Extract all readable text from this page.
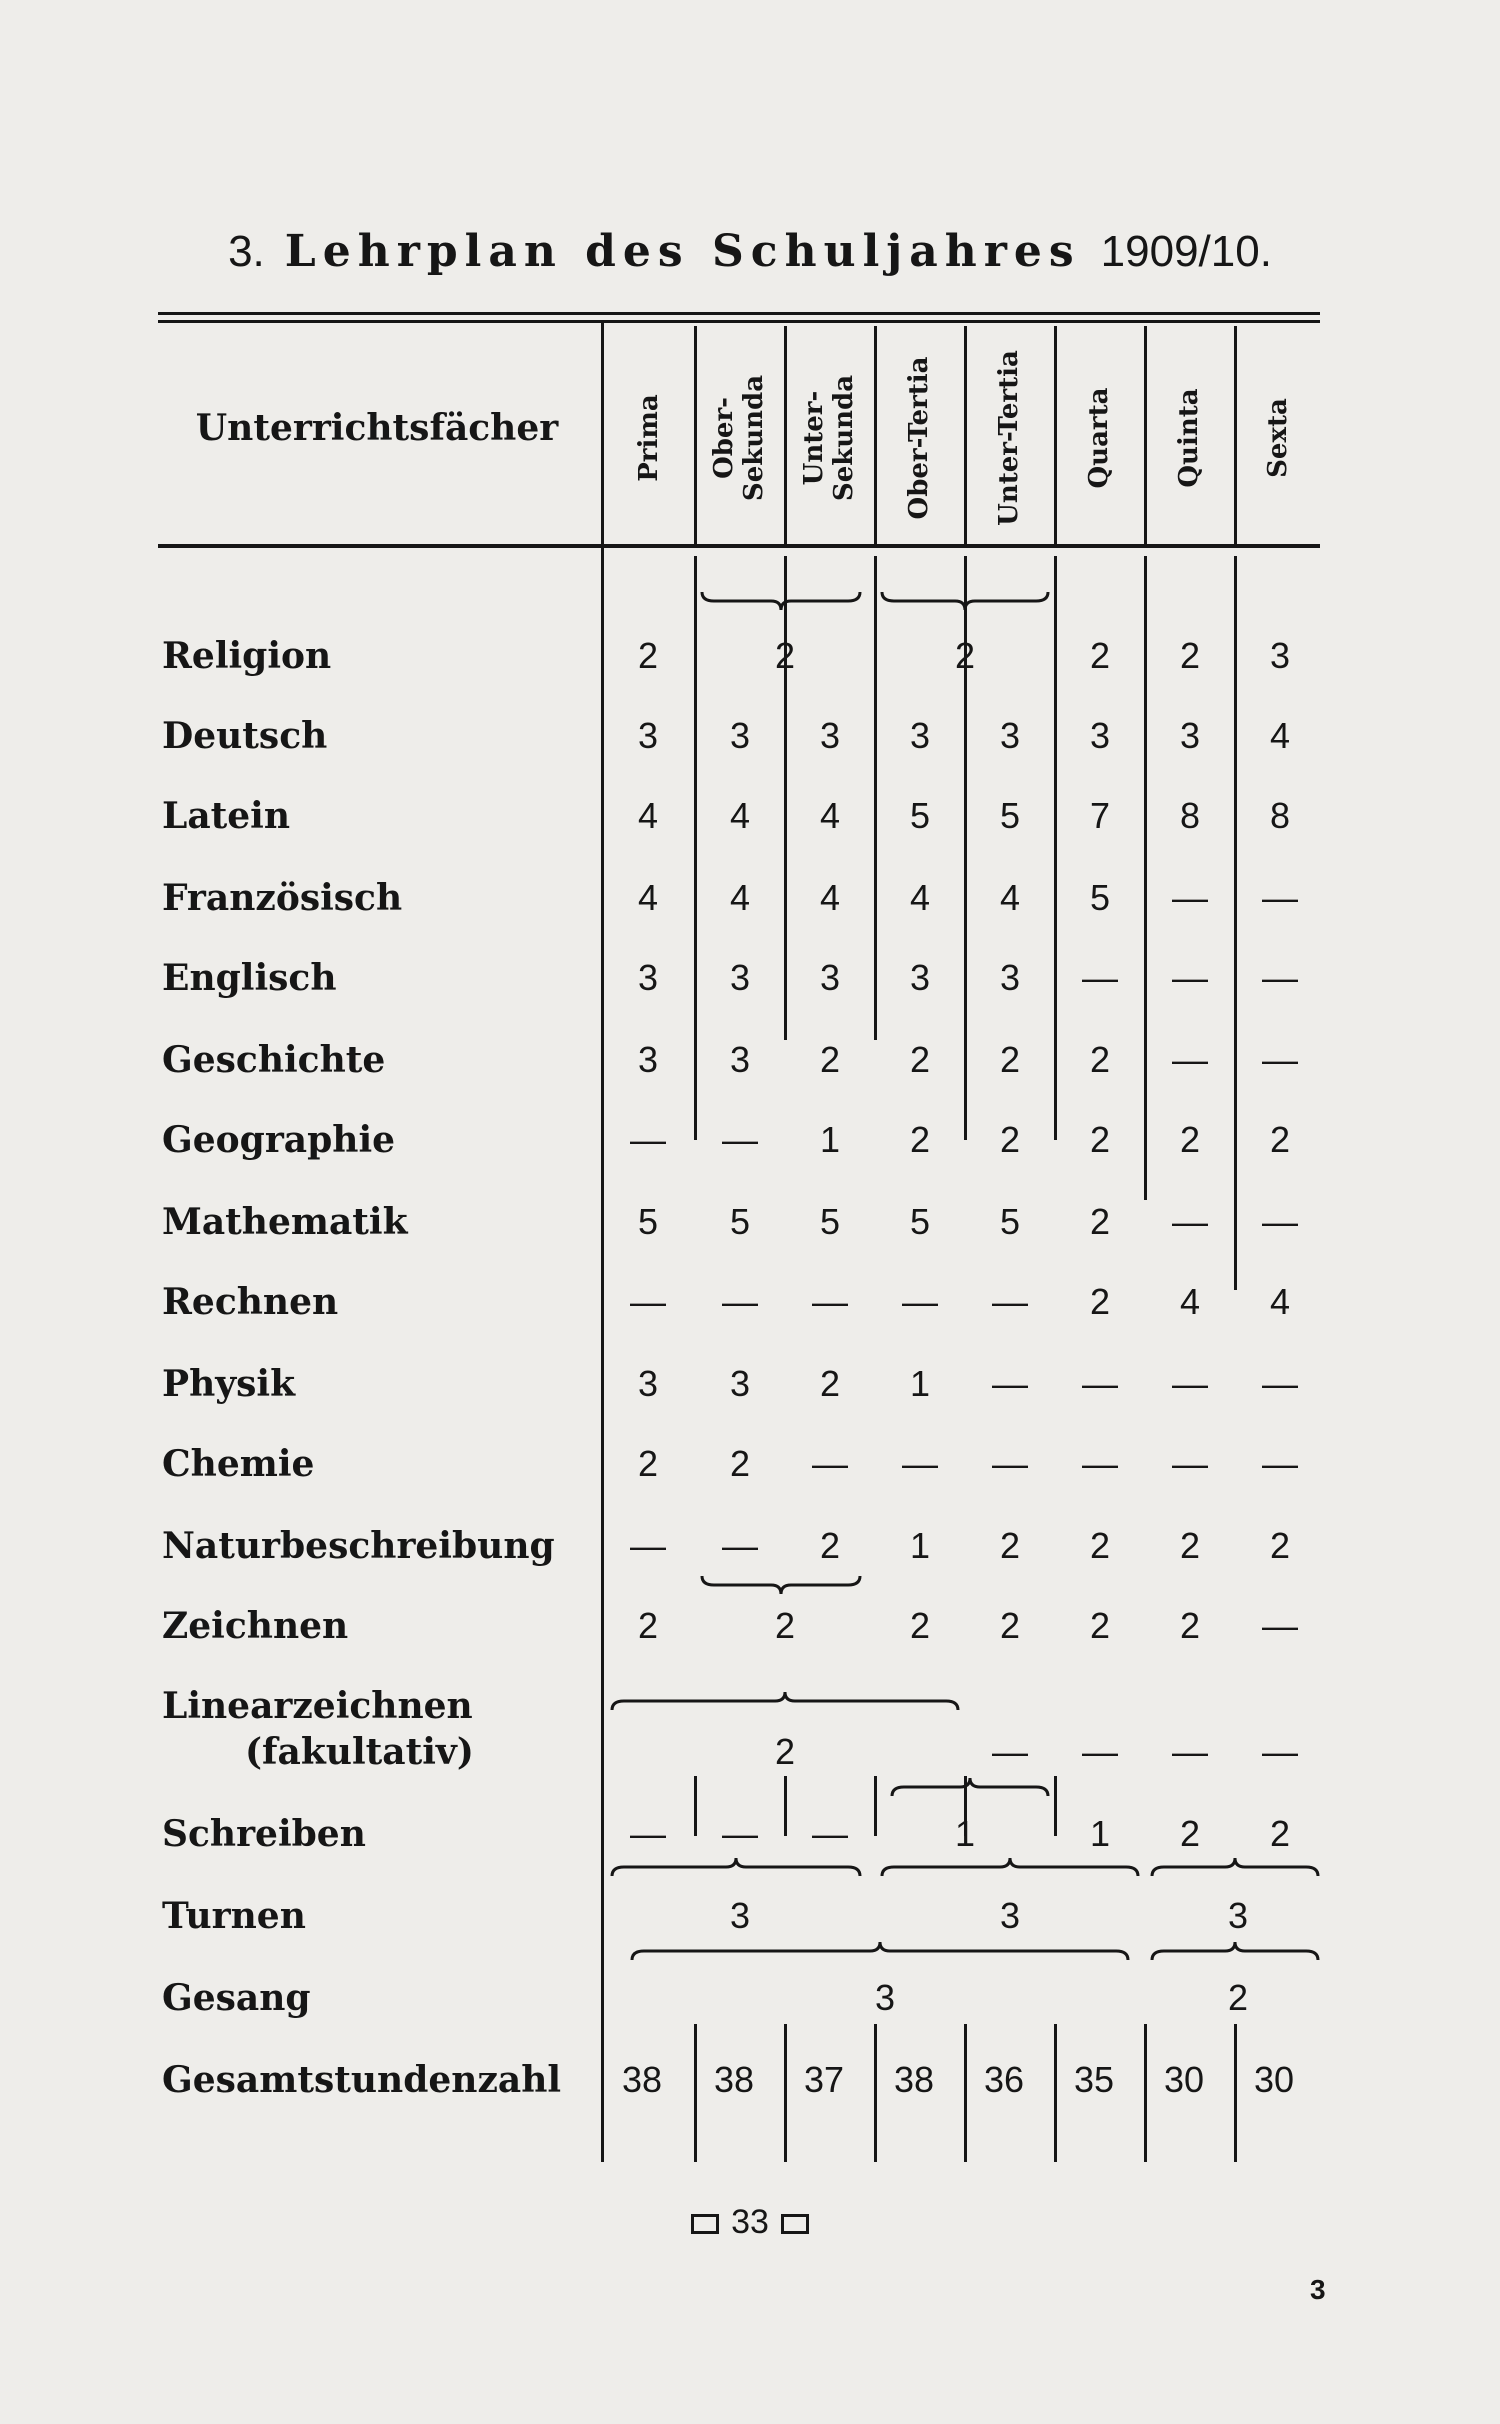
3. Lehrplan des Schuljahres 1909/10.
Unterrichtsfächer
33
3
Prima Ober- Sekunda Unter- Sekunda Ober-Tertia Unter-Tertia Quarta Quinta Sexta
Religion	2	2	2	2	2	3
Deutsch	3	3	3	3	3	3	3	4
Latein	4	4	4	5	5	7	8	8
Französisch	4	4	4	4	4	5	—	—
Englisch	3	3	3	3	3	—	—	—
Geschichte	3	3	2	2	2	2	—	—
Geographie	—	—	1	2	2	2	2	2
Mathematik	5	5	5	5	5	2	—	—
Rechnen	—	—	—	—	—	2	4	4
Physik	3	3	2	1	—	—	—	—
Chemie	2	2	—	—	—	—	—	—
Naturbeschreibung	—	—	2	1	2	2	2	2
Zeichnen	2	2	2	2	2	2	—
Linearzeichnen
(fakultativ)	2	—	—	—	—
Schreiben	—	—	—	1	1	2	2
Turnen	3	3	3
Gesang	3	2
Gesamtstundenzahl	38	38	37	38	36	35	30	30
